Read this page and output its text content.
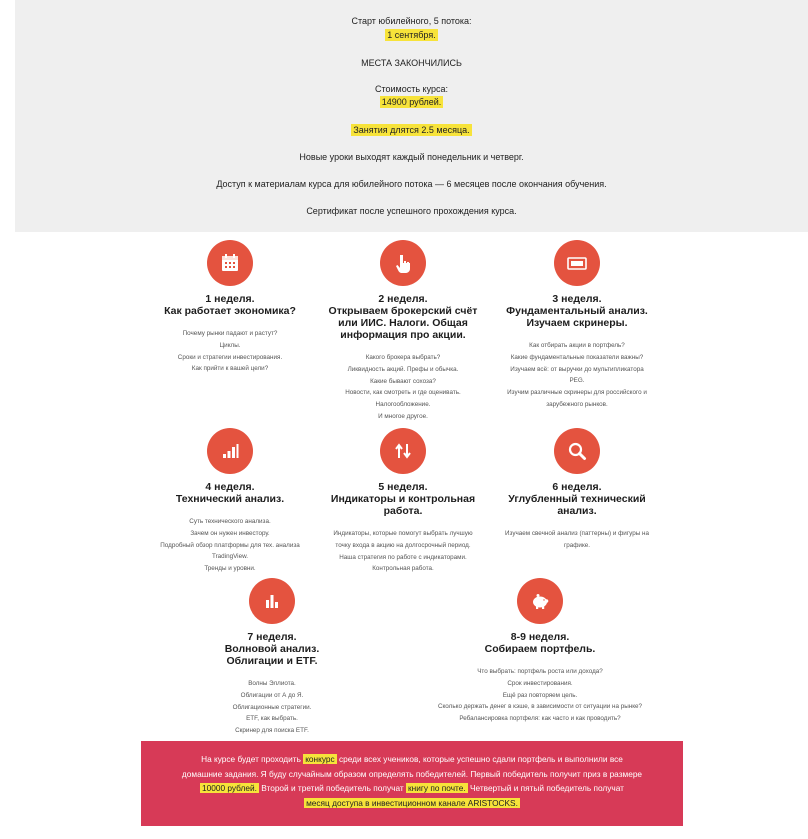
Старт юбилейного, 5 потока:
1 сентября.
МЕСТА ЗАКОНЧИЛИСЬ
Стоимость курса:
14900 рублей.
Занятия длятся 2.5 месяца.
Новые уроки выходят каждый понедельник и четверг.
Доступ к материалам курса для юбилейного потока — 6 месяцев после окончания обучения.
Сертификат после успешного прохождения курса.
1 неделя.
Как работает экономика?
Почему рынки падают и растут?
Циклы.
Сроки и стратегии инвестирования.
Как прийти к вашей цели?
2 неделя.
Открываем брокерский счёт
или ИИС. Налоги. Общая
информация про акции.
Какого брокера выбрать?
Ликвидность акций. Префы и обычка.
Какие бывают сохоза?
Новости, как смотреть и где оценивать.
Налогообложение.
И многое другое.
3 неделя.
Фундаментальный анализ.
Изучаем скринеры.
Как отбирать акции в портфель?
Какие фундаментальные показатели важны?
Изучаем всё: от выручки до мультипликатора
PEG.
Изучим различные скринеры для российского и
зарубежного рынков.
4 неделя.
Технический анализ.
Суть технического анализа.
Зачем он нужен инвестору.
Подробный обзор платформы для тех. анализа
TradingView.
Тренды и уровни.
5 неделя.
Индикаторы и контрольная
работа.
Индикаторы, которые помогут выбрать лучшую
точку входа в акцию на долгосрочный период.
Наша стратегия по работе с индикаторами.
Контрольная работа.
6 неделя.
Углубленный технический
анализ.
Изучаем свечной анализ (паттерны) и фигуры на
графике.
7 неделя.
Волновой анализ.
Облигации и ETF.
Волны Эллиота.
Облигации от А до Я.
Облигационные стратегии.
ETF, как выбрать.
Скринер для поиска ETF.
8-9 неделя.
Собираем портфель.
Что выбрать: портфель роста или дохода?
Срок инвестирования.
Ещё раз повторяем цель.
Сколько держать денег в кэше, в зависимости от ситуации на рынке?
Ребалансировка портфеля: как часто и как проводить?
На курсе будет проходить конкурс среди всех учеников, которые успешно сдали портфель и выполнили все
домашние задания. Я буду случайным образом определять победителей. Первый победитель получит приз в размере
10000 рублей. Второй и третий победитель получат книгу по почте. Четвертый и пятый победитель получат
месяц доступа в инвестиционном канале ARISTOCKS.
